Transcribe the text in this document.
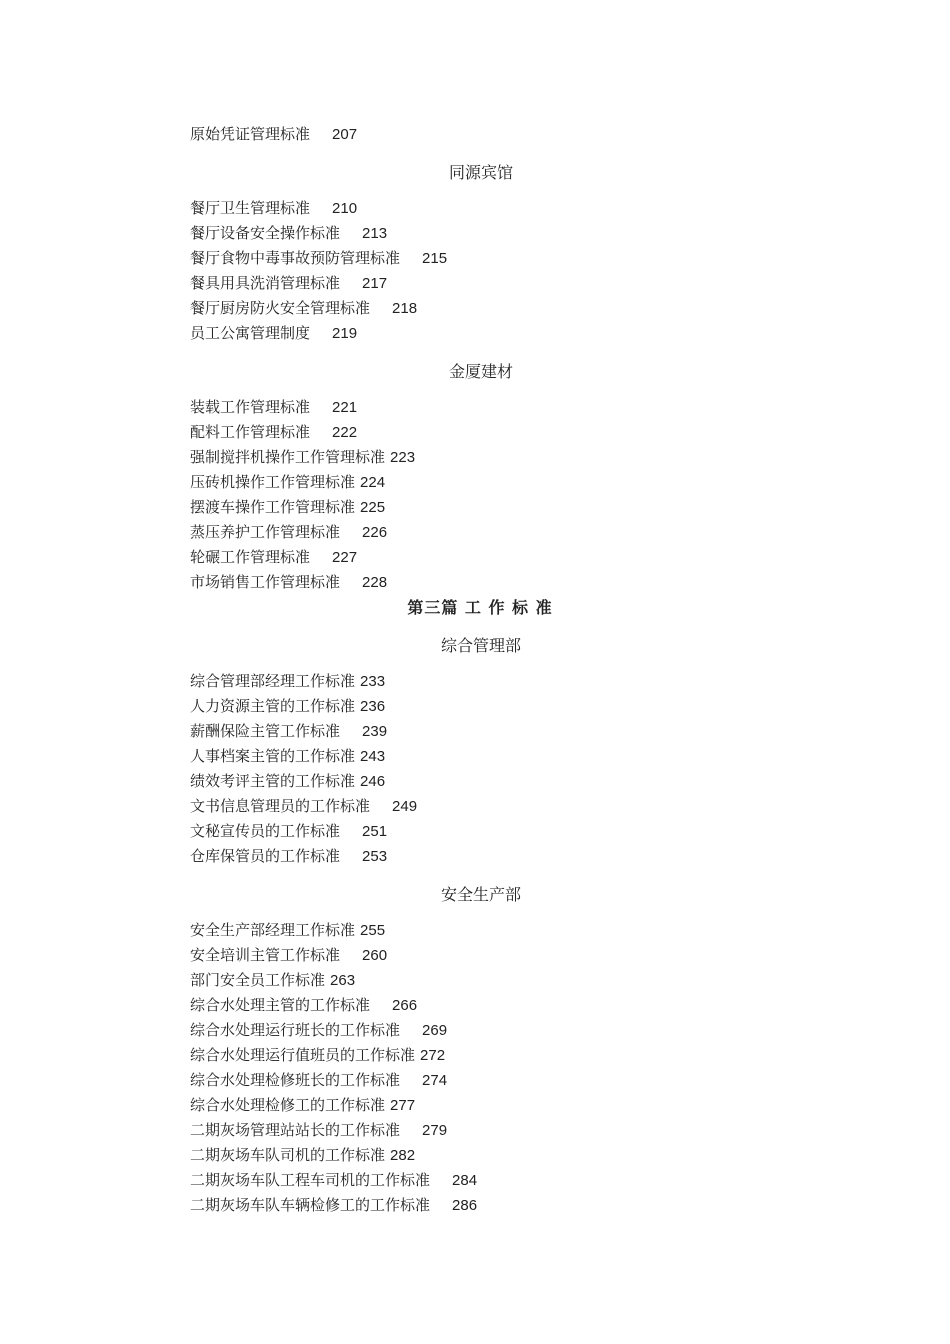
原始凭证管理标准 207
同源宾馆
餐厅卫生管理标准 210
餐厅设备安全操作标准 213
餐厅食物中毒事故预防管理标准 215
餐具用具洗消管理标准 217
餐厅厨房防火安全管理标准 218
员工公寓管理制度 219
金厦建材
装载工作管理标准 221
配料工作管理标准 222
强制搅拌机操作工作管理标准 223
压砖机操作工作管理标准 224
摆渡车操作工作管理标准 225
蒸压养护工作管理标准 226
轮碾工作管理标准 227
市场销售工作管理标准 228
第三篇 工 作 标 准
综合管理部
综合管理部经理工作标准 233
人力资源主管的工作标准 236
薪酬保险主管工作标准 239
人事档案主管的工作标准 243
绩效考评主管的工作标准 246
文书信息管理员的工作标准 249
文秘宣传员的工作标准 251
仓库保管员的工作标准 253
安全生产部
安全生产部经理工作标准 255
安全培训主管工作标准 260
部门安全员工作标准 263
综合水处理主管的工作标准 266
综合水处理运行班长的工作标准 269
综合水处理运行值班员的工作标准 272
综合水处理检修班长的工作标准 274
综合水处理检修工的工作标准 277
二期灰场管理站站长的工作标准 279
二期灰场车队司机的工作标准 282
二期灰场车队工程车司机的工作标准 284
二期灰场车队车辆检修工的工作标准 286
